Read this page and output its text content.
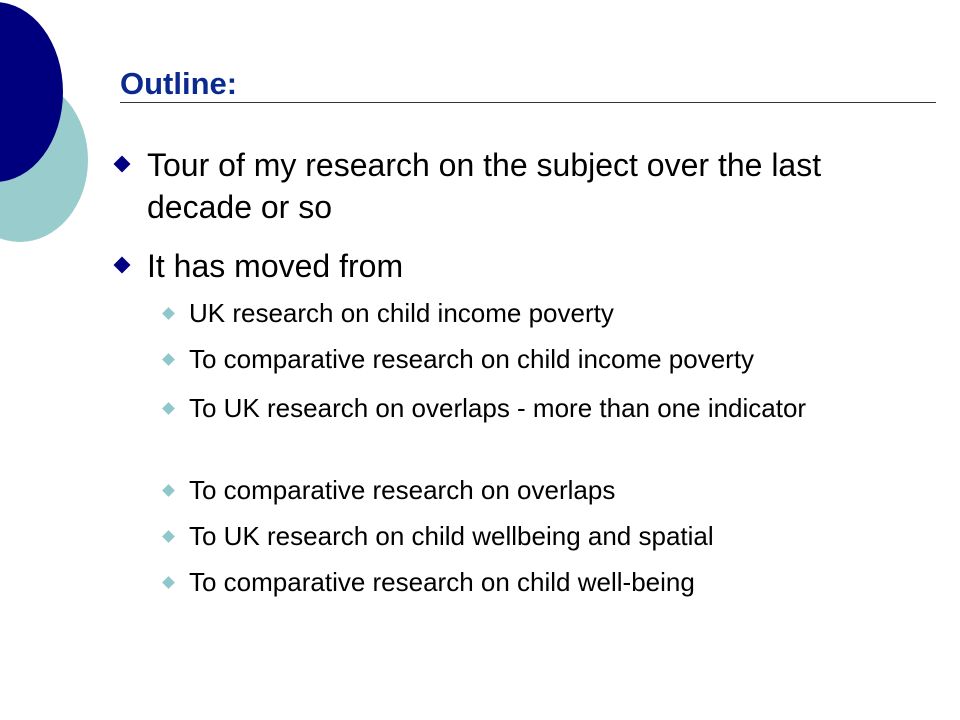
Outline:
Tour of my research on the subject over the last decade or so
It has moved from
UK research on child income poverty
To comparative research on child income poverty
To UK research on overlaps - more than one indicator
To comparative research on overlaps
To UK research on child wellbeing and spatial
To comparative research on child well-being
